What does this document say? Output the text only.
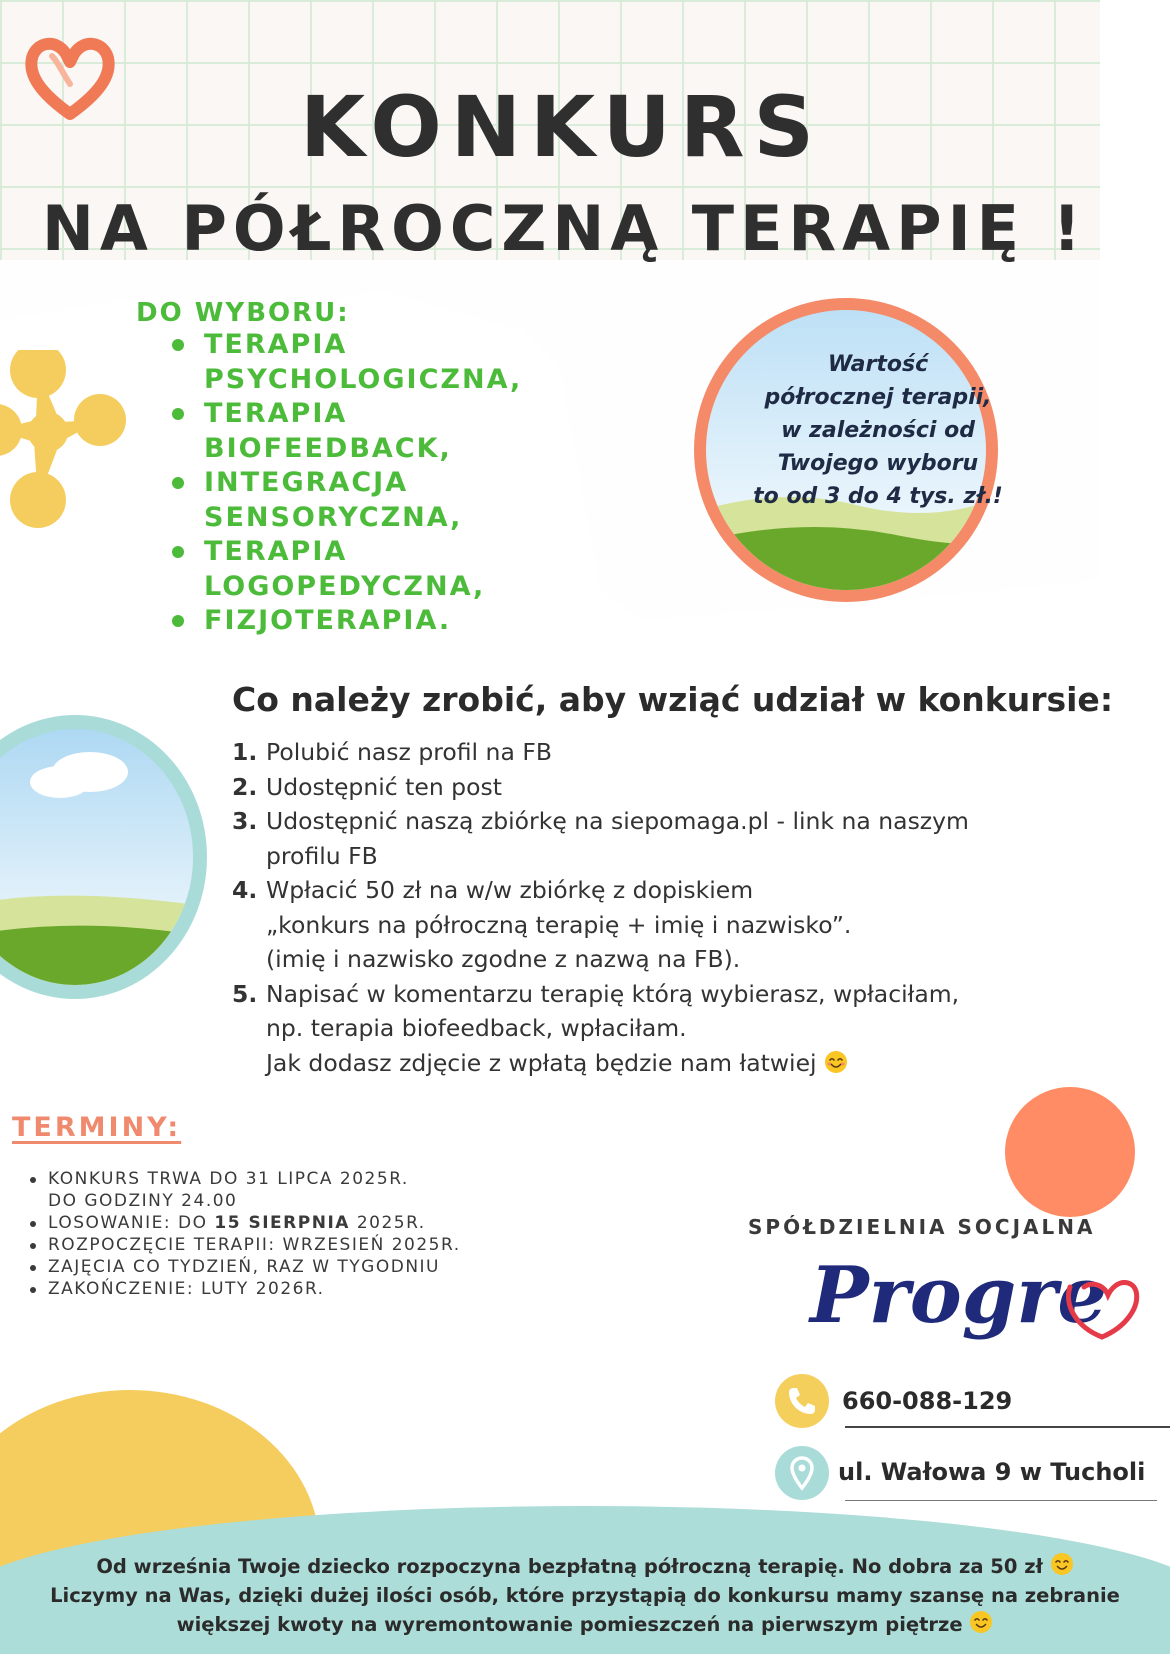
KONKURS
NA PÓŁROCZNĄ TERAPIĘ !
DO WYBORU:
TERAPIA PSYCHOLOGICZNA,
TERAPIA BIOFEEDBACK,
INTEGRACJA SENSORYCZNA,
TERAPIA LOGOPEDYCZNA,
FIZJOTERAPIA.
Wartość
półrocznej terapii,
w zależności od
Twojego wyboru
to od 3 do 4 tys. zł.!
Co należy zrobić, aby wziąć udział w konkursie:
1. Polubić nasz profil na FB
2. Udostępnić ten post
3. Udostępnić naszą zbiórkę na siepomaga.pl - link na naszym
profilu FB
4. Wpłacić 50 zł na w/w zbiórkę z dopiskiem
„konkurs na półroczną terapię + imię i nazwisko”.
(imię i nazwisko zgodne z nazwą na FB).
5. Napisać w komentarzu terapię którą wybierasz, wpłaciłam,
np. terapia biofeedback, wpłaciłam.
Jak dodasz zdjęcie z wpłatą będzie nam łatwiej
TERMINY:
KONKURS TRWA DO 31 LIPCA 2025R.
DO GODZINY 24.00
LOSOWANIE: DO 15 SIERPNIA 2025R.
ROZPOCZĘCIE TERAPII: WRZESIEŃ 2025R.
ZAJĘCIA CO TYDZIEŃ, RAZ W TYGODNIU
ZAKOŃCZENIE: LUTY 2026R.
SPÓŁDZIELNIA SOCJALNA
Progre
660-088-129
ul. Wałowa 9 w Tucholi
Od września Twoje dziecko rozpoczyna bezpłatną półroczną terapię. No dobra za 50 zł
Liczymy na Was, dzięki dużej ilości osób, które przystąpią do konkursu mamy szansę na zebranie
większej kwoty na wyremontowanie pomieszczeń na pierwszym piętrze
